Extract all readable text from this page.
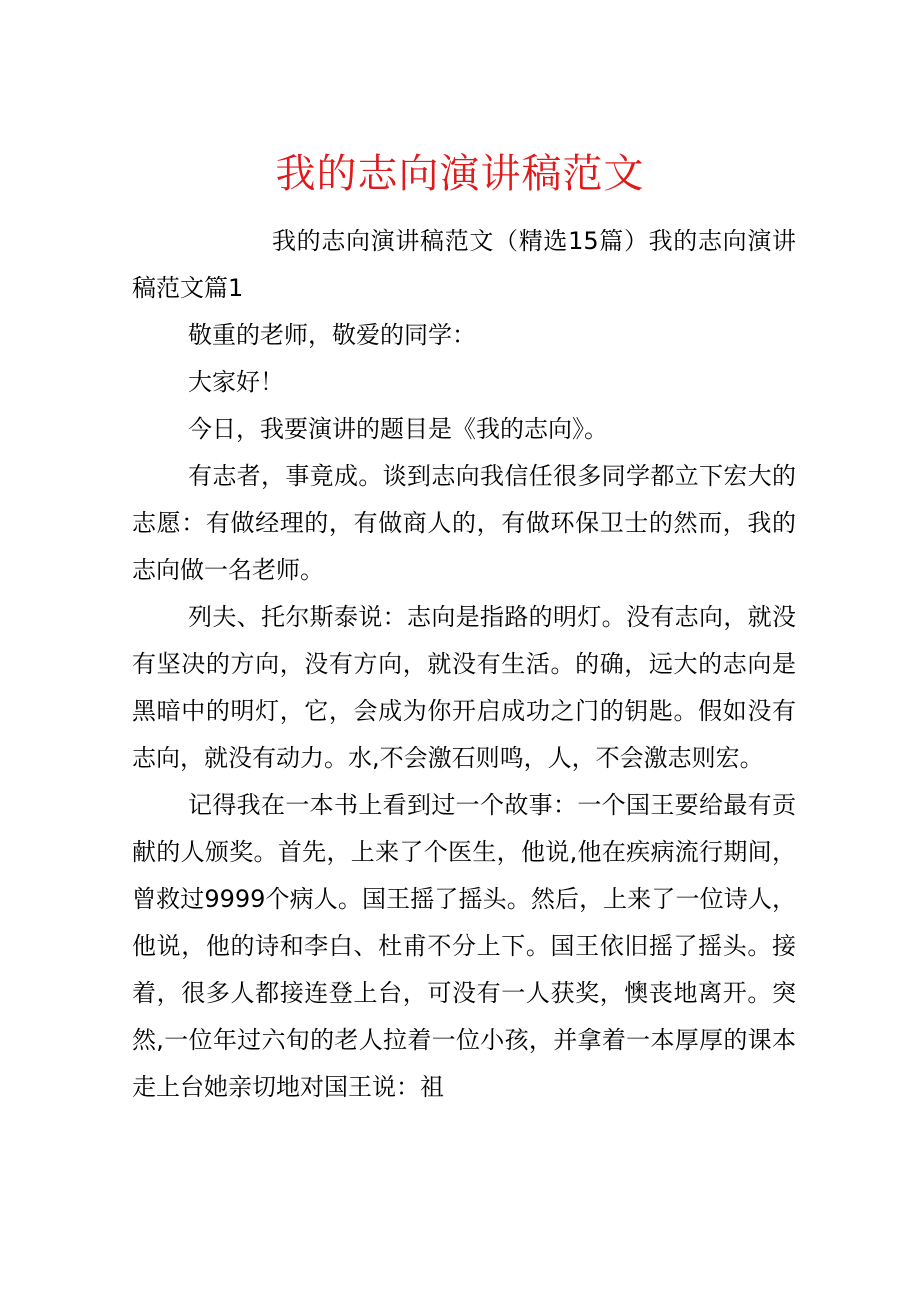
我的志向演讲稿范文

我的志向演讲稿范文（精选15篇）我的志向演讲稿范文篇1

敬重的老师，敬爱的同学：

大家好！

今日，我要演讲的题目是《我的志向》。

有志者，事竟成。谈到志向我信任很多同学都立下宏大的志愿：有做经理的，有做商人的，有做环保卫士的然而，我的志向做一名老师。

列夫、托尔斯泰说：志向是指路的明灯。没有志向，就没有坚决的方向，没有方向，就没有生活。的确，远大的志向是黑暗中的明灯，它，会成为你开启成功之门的钥匙。假如没有志向，就没有动力。水,不会激石则鸣，人，不会激志则宏。

记得我在一本书上看到过一个故事：一个国王要给最有贡献的人颁奖。首先，上来了个医生，他说,他在疾病流行期间，曾救过9999个病人。国王摇了摇头。然后，上来了一位诗人，他说，他的诗和李白、杜甫不分上下。国王依旧摇了摇头。接着，很多人都接连登上台，可没有一人获奖，懊丧地离开。突然,一位年过六旬的老人拉着一位小孩，并拿着一本厚厚的课本走上台她亲切地对国王说：祖
